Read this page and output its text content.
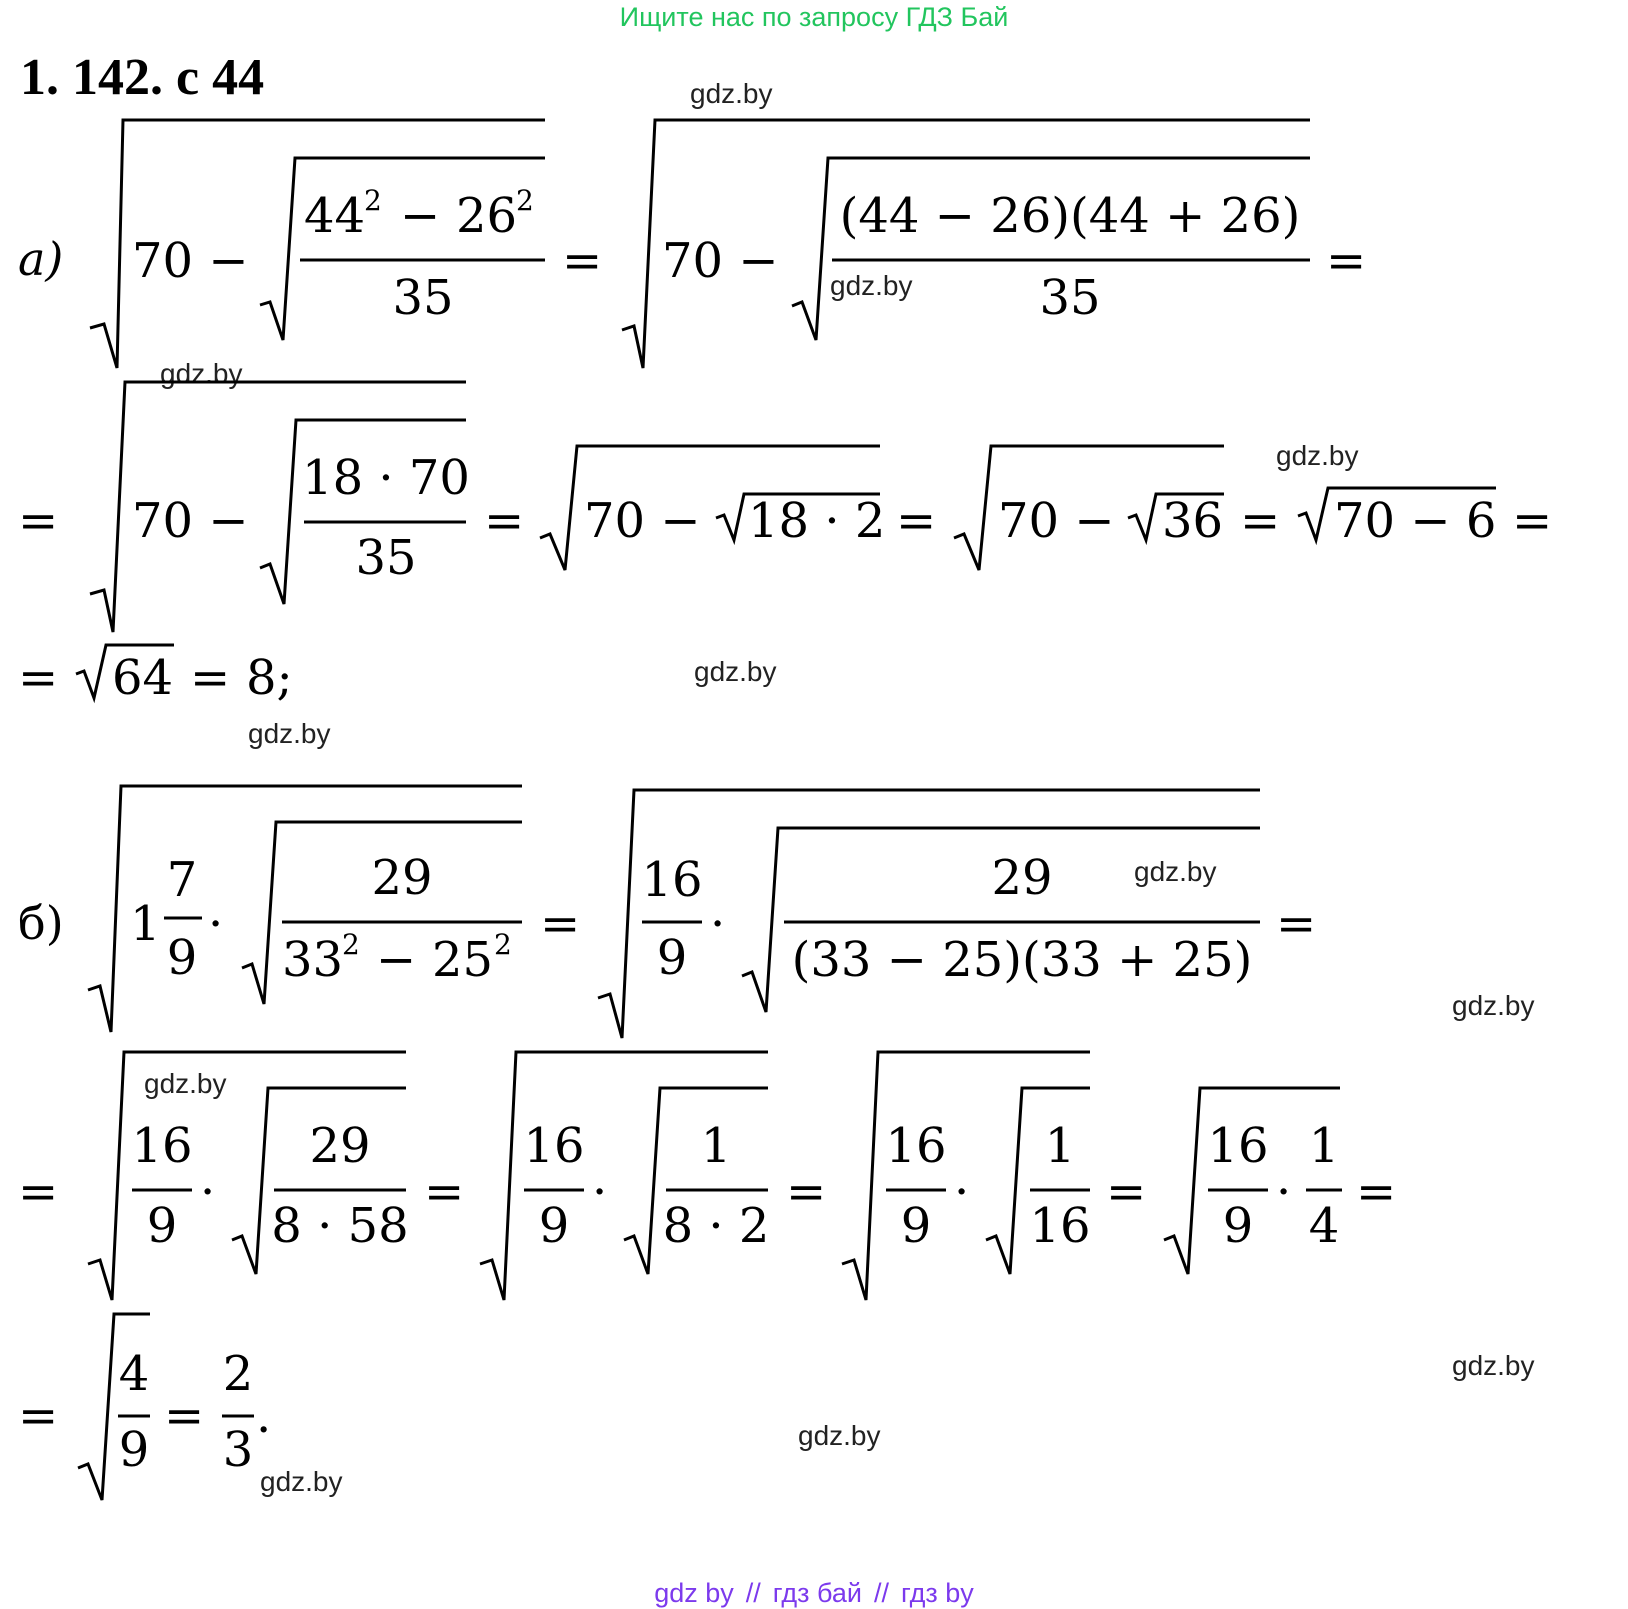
Ищите нас по запросу ГДЗ Бай
1. 142. с 44	gdz.by
gdz.by
gdz.by
gdz.by
gdz.by
gdz.by
gdz.by
gdz.by
gdz.by
gdz.by
gdz.by
gdz.by
a)
б)
70 −
44
2 − 26
2
35
= 70 −
(44 − 26)(44 + 26)
35
=
= 70 −
18 · 70
35
= 70 − 18 · 2 = 70 − 36 = 70 − 6 =
= 64 = 8;
1
7
9
·
29
33
2 − 25 2 =
16
9
·
29
(33 − 25)(33 + 25)
=
=
16
9
·
29
8 · 58
=
16
9
·
1
8 · 2
=
16
9
·
1
16
=
16
9
·
1
4
=
=
4
9
=
2
3
.
gdz by // гдз бай // гдз by
